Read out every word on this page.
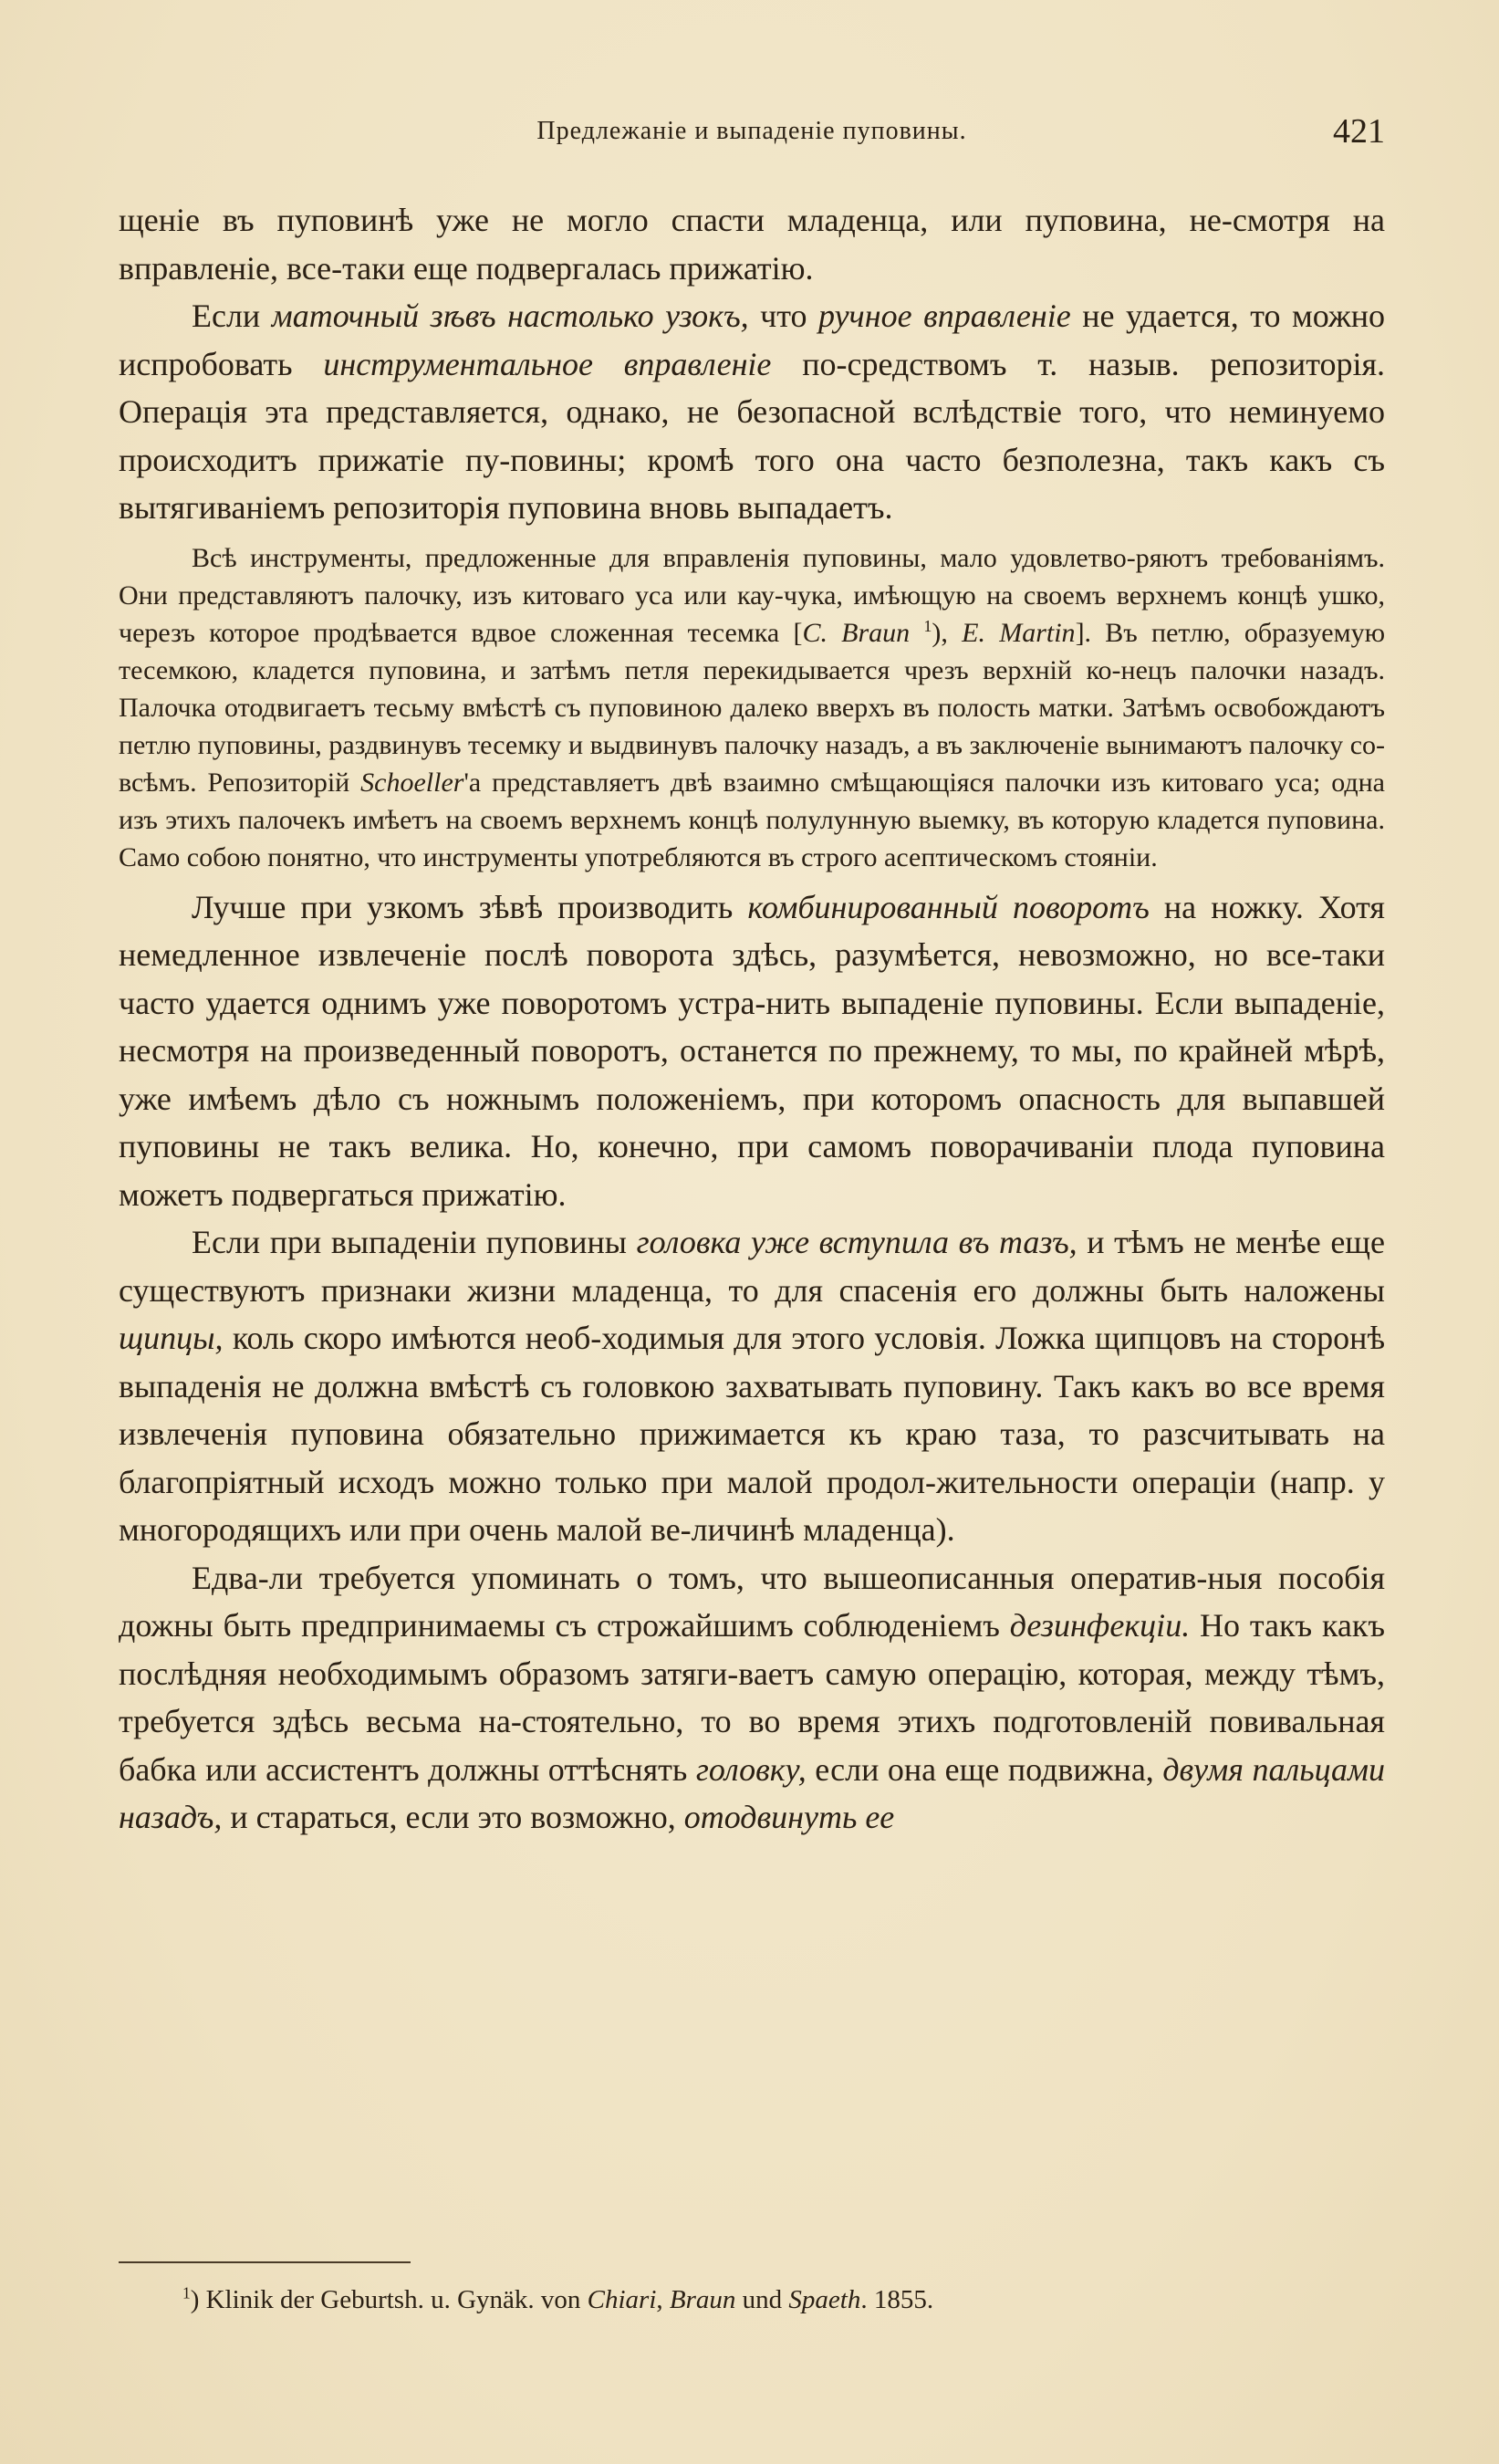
Предлежаніе и выпаденіе пуповины.	421

щеніе въ пуповинѣ уже не могло спасти младенца, или пуповина, не-смотря на вправленіе, все-таки еще подвергалась прижатію.

Если маточный зѣвъ настолько узокъ, что ручное вправленіе не удается, то можно испробовать инструментальное вправленіе по-средствомъ т. назыв. репозиторія. Операція эта представляется, однако, не безопасной вслѣдствіе того, что неминуемо происходитъ прижатіе пу-повины; кромѣ того она часто безполезна, такъ какъ съ вытягиваніемъ репозиторія пуповина вновь выпадаетъ.

Всѣ инструменты, предложенные для вправленія пуповины, мало удовлетво-ряютъ требованіямъ. Они представляютъ палочку, изъ китоваго уса или кау-чука, имѣющую на своемъ верхнемъ концѣ ушко, черезъ которое продѣвается вдвое сложенная тесемка [C. Braun $^1$), E. Martin]. Въ петлю, образуемую тесемкою, кладется пуповина, и затѣмъ петля перекидывается чрезъ верхній ко-нецъ палочки назадъ. Палочка отодвигаетъ тесьму вмѣстѣ съ пуповиною далеко вверхъ въ полость матки. Затѣмъ освобождаютъ петлю пуповины, раздвинувъ тесемку и выдвинувъ палочку назадъ, а въ заключеніе вынимаютъ палочку со-всѣмъ. Репозиторій Schoeller'а представляетъ двѣ взаимно смѣщающіяся палочки изъ китоваго уса; одна изъ этихъ палочекъ имѣетъ на своемъ верхнемъ концѣ полулунную выемку, въ которую кладется пуповина. Само собою понятно, что инструменты употребляются въ строго асептическомъ стояніи.

Лучше при узкомъ зѣвѣ производить комбинированный поворотъ на ножку. Хотя немедленное извлеченіе послѣ поворота здѣсь, разумѣется, невозможно, но все-таки часто удается однимъ уже поворотомъ устра-нить выпаденіе пуповины. Если выпаденіе, несмотря на произведенный поворотъ, останется по прежнему, то мы, по крайней мѣрѣ, уже имѣемъ дѣло съ ножнымъ положеніемъ, при которомъ опасность для выпавшей пуповины не такъ велика. Но, конечно, при самомъ поворачиваніи плода пуповина можетъ подвергаться прижатію.

Если при выпаденіи пуповины головка уже вступила въ тазъ, и тѣмъ не менѣе еще существуютъ признаки жизни младенца, то для спасенія его должны быть наложены щипцы, коль скоро имѣются необ-ходимыя для этого условія. Ложка щипцовъ на сторонѣ выпаденія не должна вмѣстѣ съ головкою захватывать пуповину. Такъ какъ во все время извлеченія пуповина обязательно прижимается къ краю таза, то разсчитывать на благопріятный исходъ можно только при малой продол-жительности операціи (напр. у многородящихъ или при очень малой ве-личинѣ младенца).

Едва-ли требуется упоминать о томъ, что вышеописанныя оператив-ныя пособія дожны быть предпринимаемы съ строжайшимъ соблюденіемъ дезинфекціи. Но такъ какъ послѣдняя необходимымъ образомъ затяги-ваетъ самую операцію, которая, между тѣмъ, требуется здѣсь весьма на-стоятельно, то во время этихъ подготовленій повивальная бабка или ассистентъ должны оттѣснять головку, если она еще подвижна, двумя пальцами назадъ, и стараться, если это возможно, отодвинуть ее

$^1$) Klinik der Geburtsh. u. Gynäk. von Chiari, Braun und Spaeth. 1855.
